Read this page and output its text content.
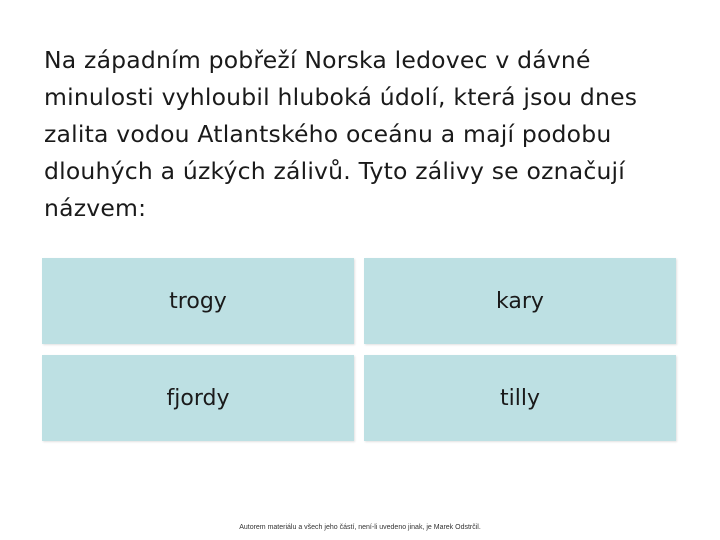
Na západním pobřeží Norska ledovec v dávné minulosti vyhloubil hluboká údolí, která jsou dnes zalita vodou Atlantského oceánu a mají podobu dlouhých a úzkých zálivů. Tyto zálivy se označují názvem:

trogy	kary
fjordy	tilly
Autorem materiálu a všech jeho částí, není-li uvedeno jinak, je Marek Odstrčil.
